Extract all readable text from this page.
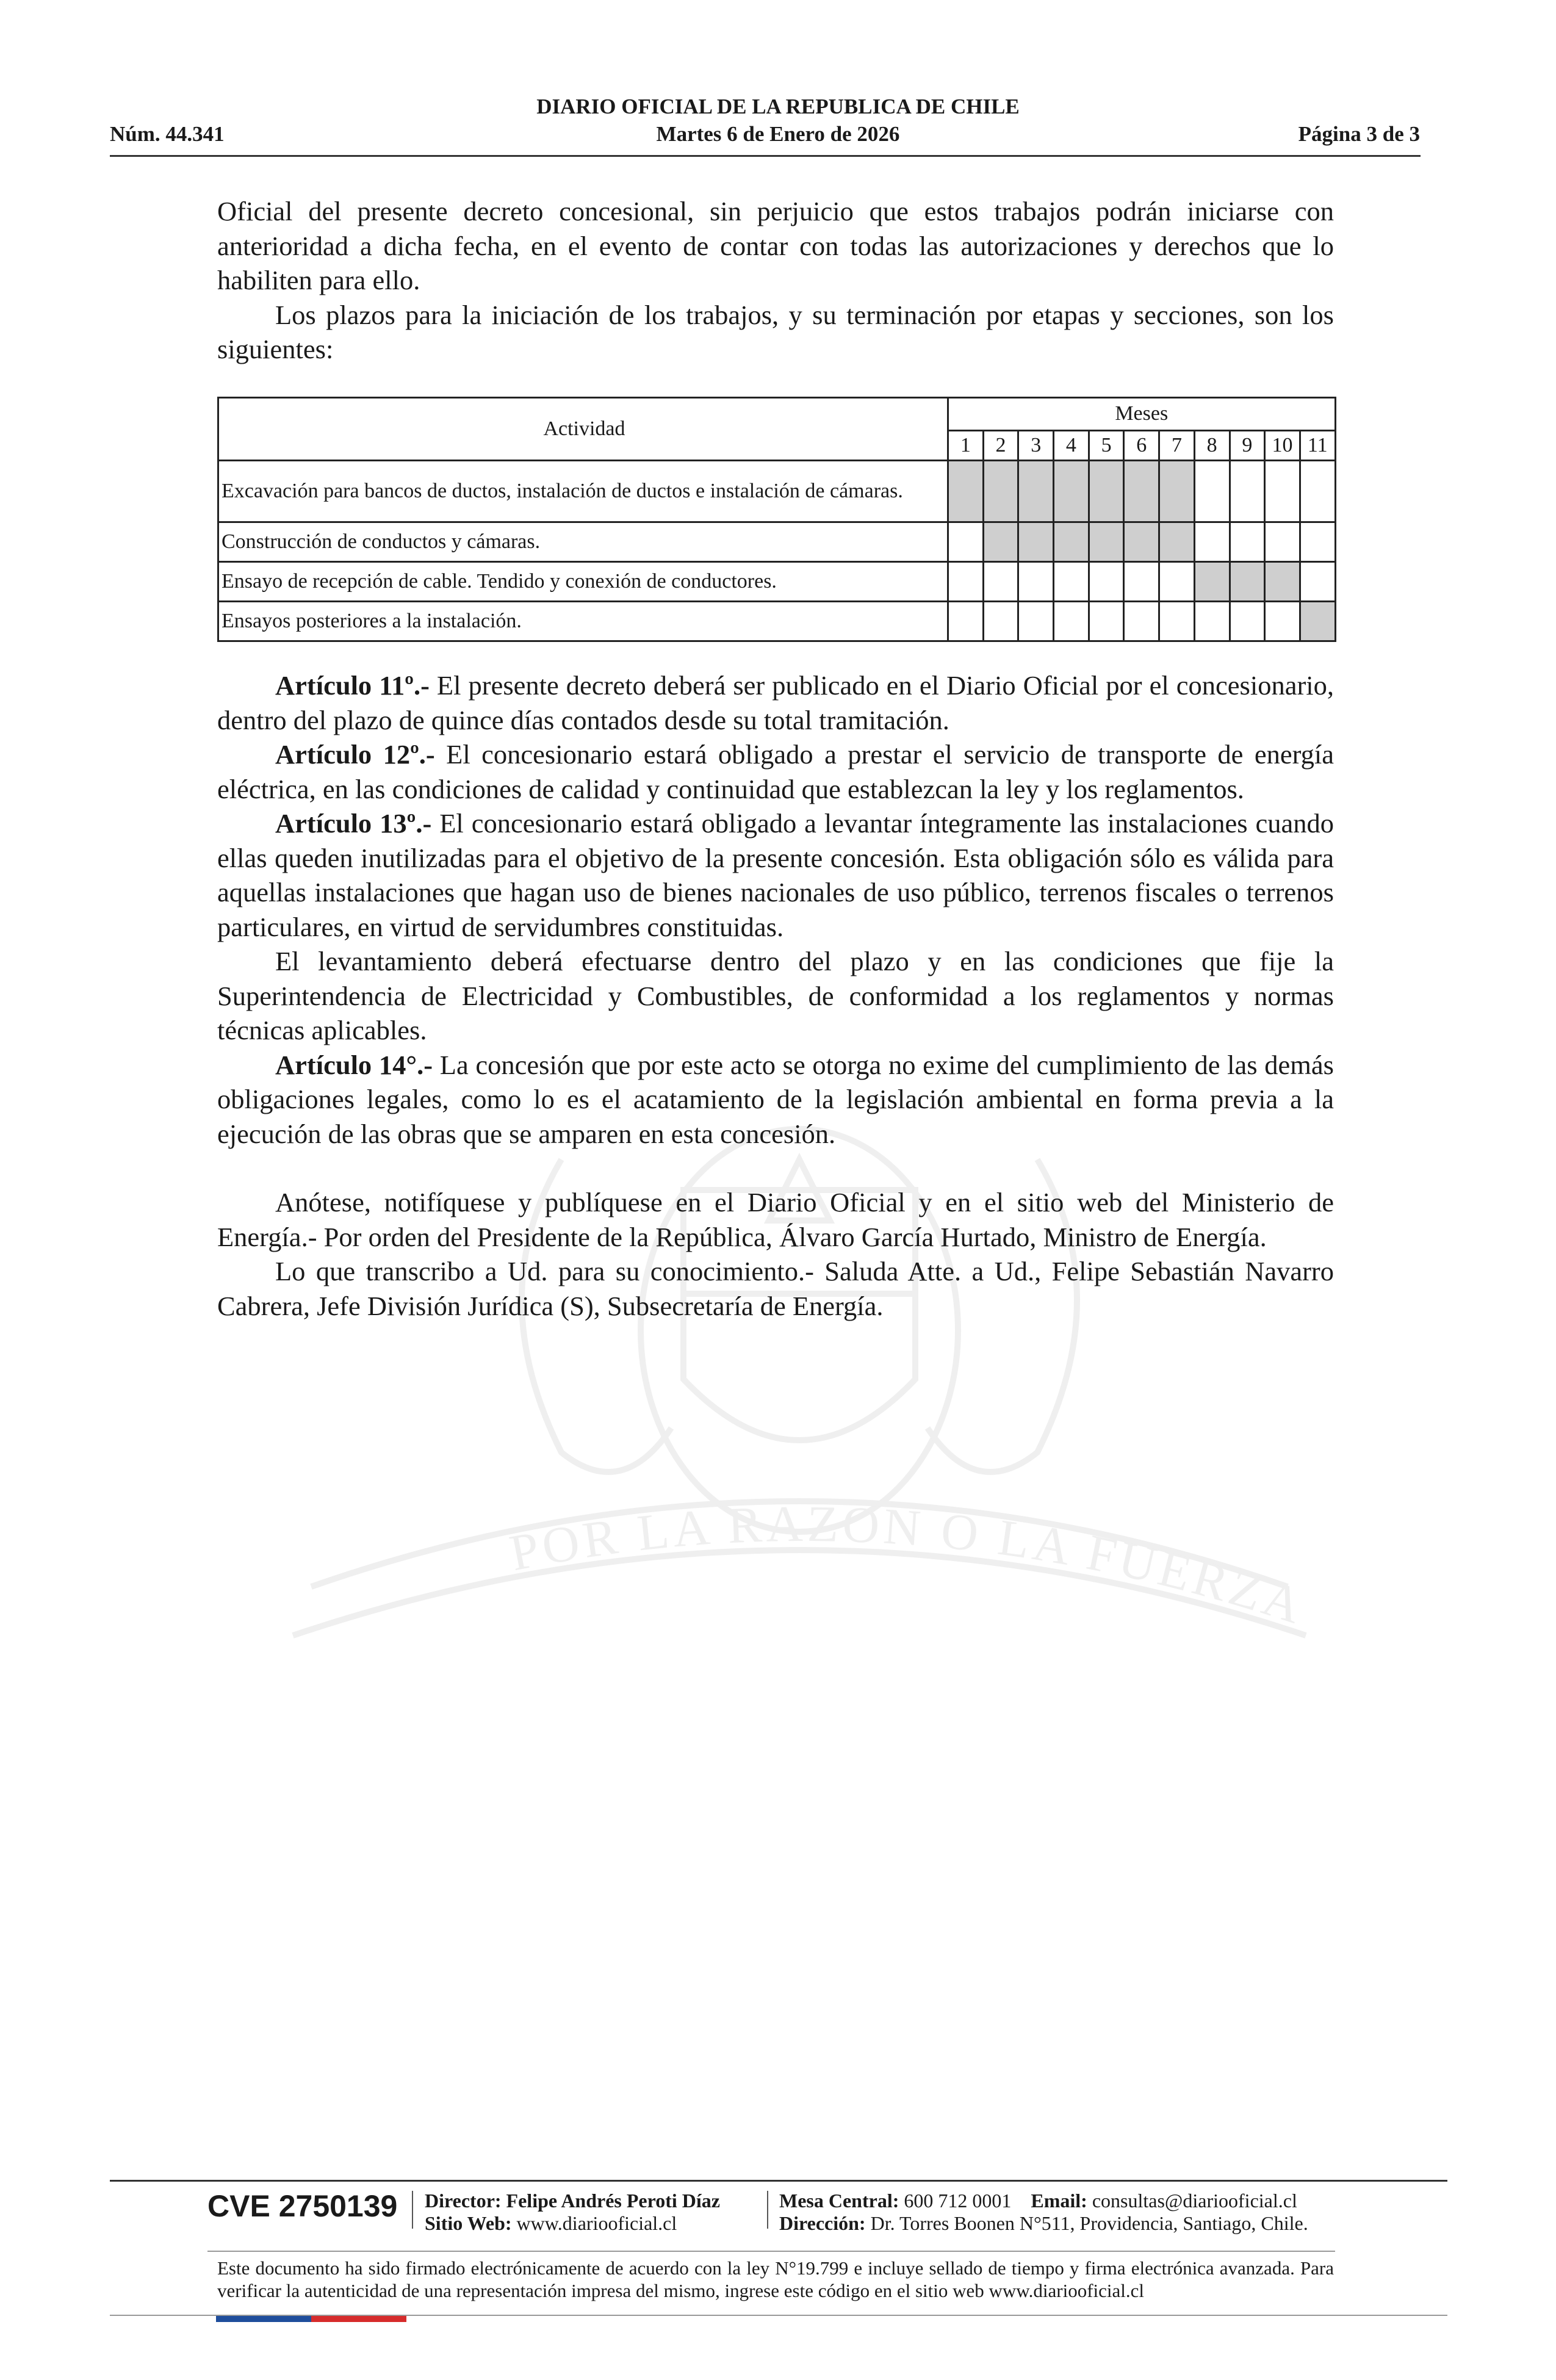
POR LA RAZON O LA FUERZA
DIARIO OFICIAL DE LA REPUBLICA DE CHILE
Núm. 44.341	Martes 6 de Enero de 2026	Página 3 de 3

Oficial del presente decreto concesional, sin perjuicio que estos trabajos podrán iniciarse con anterioridad a dicha fecha, en el evento de contar con todas las autorizaciones y derechos que lo habiliten para ello.

Los plazos para la iniciación de los trabajos, y su terminación por etapas y secciones, son los siguientes:

Actividad	Meses										
	1	2	3	4	5	6	7	8	9	10	11
Excavación para bancos de ductos, instalación de ductos e instalación de cámaras.											
Construcción de conductos y cámaras.											
Ensayo de recepción de cable. Tendido y conexión de conductores.											
Ensayos posteriores a la instalación.											

Artículo 11º.- El presente decreto deberá ser publicado en el Diario Oficial por el concesionario, dentro del plazo de quince días contados desde su total tramitación.

Artículo 12º.- El concesionario estará obligado a prestar el servicio de transporte de energía eléctrica, en las condiciones de calidad y continuidad que establezcan la ley y los reglamentos.

Artículo 13º.- El concesionario estará obligado a levantar íntegramente las instalaciones cuando ellas queden inutilizadas para el objetivo de la presente concesión. Esta obligación sólo es válida para aquellas instalaciones que hagan uso de bienes nacionales de uso público, terrenos fiscales o terrenos particulares, en virtud de servidumbres constituidas.

El levantamiento deberá efectuarse dentro del plazo y en las condiciones que fije la Superintendencia de Electricidad y Combustibles, de conformidad a los reglamentos y normas técnicas aplicables.

Artículo 14°.- La concesión que por este acto se otorga no exime del cumplimiento de las demás obligaciones legales, como lo es el acatamiento de la legislación ambiental en forma previa a la ejecución de las obras que se amparen en esta concesión.

Anótese, notifíquese y publíquese en el Diario Oficial y en el sitio web del Ministerio de Energía.- Por orden del Presidente de la República, Álvaro García Hurtado, Ministro de Energía.

Lo que transcribo a Ud. para su conocimiento.- Saluda Atte. a Ud., Felipe Sebastián Navarro Cabrera, Jefe División Jurídica (S), Subsecretaría de Energía.

CVE 2750139 Director: Felipe Andrés Peroti Díaz
Sitio Web: www.diariooficial.cl
Mesa Central: 600 712 0001 Email: consultas@diariooficial.cl
Dirección: Dr. Torres Boonen N°511, Providencia, Santiago, Chile.
Este documento ha sido firmado electrónicamente de acuerdo con la ley N°19.799 e incluye sellado de tiempo y firma electrónica avanzada. Para verificar la autenticidad de una representación impresa del mismo, ingrese este código en el sitio web www.diariooficial.cl
